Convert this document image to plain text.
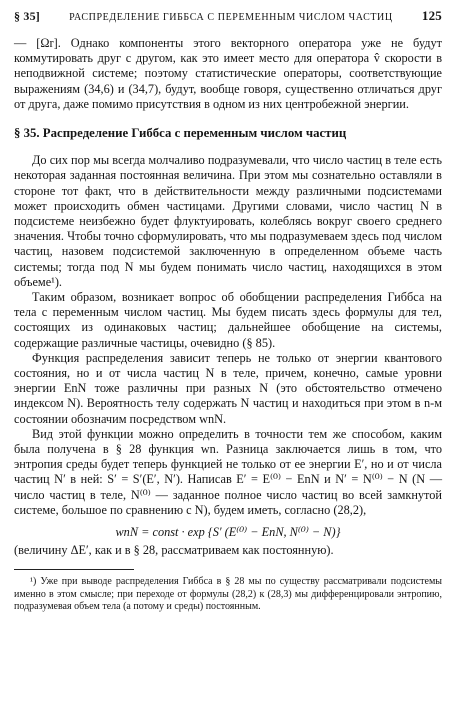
§ 35]	РАСПРЕДЕЛЕНИЕ ГИББСА С ПЕРЕМЕННЫМ ЧИСЛОМ ЧАСТИЦ	125

— [Ωr]. Однако компоненты этого векторного оператора уже не будут коммутировать друг с другом, как это имеет место для оператора v̂ скорости в неподвижной системе; поэтому статистические операторы, соответствующие выражениям (34,6) и (34,7), будут, вообще говоря, существенно отличаться друг от друга, даже помимо присутствия в одном из них центробежной энергии.

§ 35. Распределение Гиббса с переменным числом частиц

До сих пор мы всегда молчаливо подразумевали, что число частиц в теле есть некоторая заданная постоянная величина. При этом мы сознательно оставляли в стороне тот факт, что в действительности между различными подсистемами может происходить обмен частицами. Другими словами, число частиц N в подсистеме неизбежно будет флуктуировать, колеблясь вокруг своего среднего значения. Чтобы точно сформулировать, что мы подразумеваем здесь под числом частиц, назовем подсистемой заключенную в определенном объеме часть системы; тогда под N мы будем понимать число частиц, находящихся в этом объеме¹).

Таким образом, возникает вопрос об обобщении распределения Гиббса на тела с переменным числом частиц. Мы будем писать здесь формулы для тел, состоящих из одинаковых частиц; дальнейшее обобщение на системы, содержащие различные частицы, очевидно (§ 85).

Функция распределения зависит теперь не только от энергии квантового состояния, но и от числа частиц N в теле, причем, конечно, самые уровни энергии EnN тоже различны при разных N (это обстоятельство отмечено индексом N). Вероятность телу содержать N частиц и находиться при этом в n-м состоянии обозначим посредством wnN.

Вид этой функции можно определить в точности тем же способом, каким была получена в § 28 функция wn. Разница заключается лишь в том, что энтропия среды будет теперь функцией не только от ее энергии E′, но и от числа частиц N′ в ней: S′ = S′(E′, N′). Написав E′ = E⁽⁰⁾ − EnN и N′ = N⁽⁰⁾ − N (N — число частиц в теле, N⁽⁰⁾ — заданное полное число частиц во всей замкнутой системе, большое по сравнению с N), будем иметь, согласно (28,2),

wnN = const · exp {S′ (E⁽⁰⁾ − EnN, N⁽⁰⁾ − N)}

(величину ΔE′, как и в § 28, рассматриваем как постоянную).

¹) Уже при выводе распределения Гиббса в § 28 мы по существу рассматривали подсистемы именно в этом смысле; при переходе от формулы (28,2) к (28,3) мы дифференцировали энтропию, подразумевая объем тела (а потому и среды) постоянным.
